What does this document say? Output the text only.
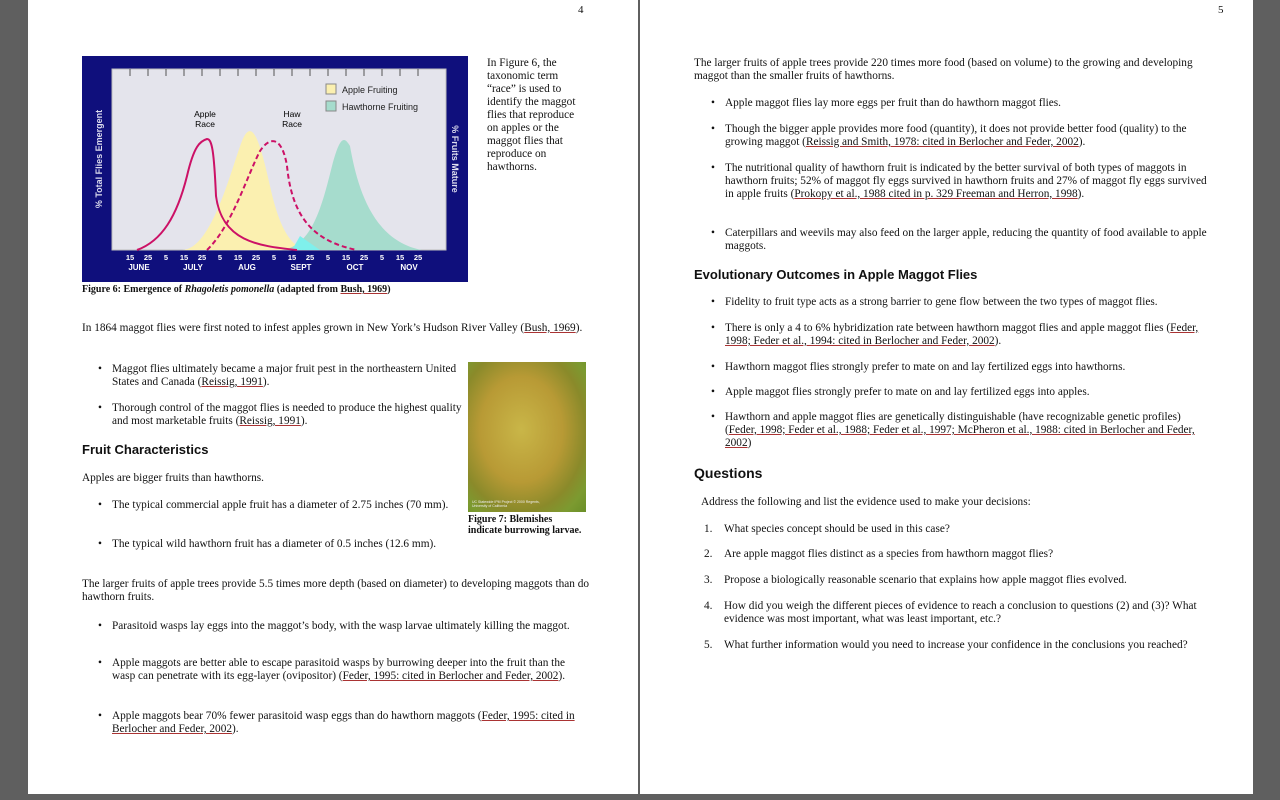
4	5
Apple Fruiting
Hawthorne Fruiting
Apple
Race
Haw
Race
% Total Flies Emergent	% Fruits Mature
15 25 5 15 25 5 15 25 5 15 25 5 15 25 5 15 25
JUNE	JULY	AUG	SEPT	OCT	NOV
Figure 6: Emergence of Rhagoletis pomonella (adapted from Bush, 1969)
In Figure 6, the taxonomic term “race” is used to identify the maggot flies that reproduce on apples or the maggot flies that reproduce on hawthorns.
In 1864 maggot flies were first noted to infest apples grown in New York’s Hudson River Valley (Bush, 1969).
• Maggot flies ultimately became a major fruit pest in the northeastern United States and Canada (Reissig, 1991).
• Thorough control of the maggot flies is needed to produce the highest quality and most marketable fruits (Reissig, 1991).
Fruit Characteristics
Apples are bigger fruits than hawthorns.
• The typical commercial apple fruit has a diameter of 2.75 inches (70 mm).
• The typical wild hawthorn fruit has a diameter of 0.5 inches (12.6 mm).
UC Statewide IPM Project © 2000 Regents, University of California
Figure 7: Blemishes indicate burrowing larvae.
The larger fruits of apple trees provide 5.5 times more depth (based on diameter) to developing maggots than do hawthorn fruits.
• Parasitoid wasps lay eggs into the maggot’s body, with the wasp larvae ultimately killing the maggot.
• Apple maggots are better able to escape parasitoid wasps by burrowing deeper into the fruit than the wasp can penetrate with its egg-layer (ovipositor) (Feder, 1995: cited in Berlocher and Feder, 2002).
• Apple maggots bear 70% fewer parasitoid wasp eggs than do hawthorn maggots (Feder, 1995: cited in Berlocher and Feder, 2002).
The larger fruits of apple trees provide 220 times more food (based on volume) to the growing and developing maggot than the smaller fruits of hawthorns.
• Apple maggot flies lay more eggs per fruit than do hawthorn maggot flies.
• Though the bigger apple provides more food (quantity), it does not provide better food (quality) to the growing maggot (Reissig and Smith, 1978: cited in Berlocher and Feder, 2002).
• The nutritional quality of hawthorn fruit is indicated by the better survival of both types of maggots in hawthorn fruits; 52% of maggot fly eggs survived in hawthorn fruits and 27% of maggot fly eggs survived in apple fruits (Prokopy et al., 1988 cited in p. 329 Freeman and Herron, 1998).
• Caterpillars and weevils may also feed on the larger apple, reducing the quantity of food available to apple maggots.
Evolutionary Outcomes in Apple Maggot Flies
• Fidelity to fruit type acts as a strong barrier to gene flow between the two types of maggot flies.
• There is only a 4 to 6% hybridization rate between hawthorn maggot flies and apple maggot flies (Feder, 1998; Feder et al., 1994: cited in Berlocher and Feder, 2002).
• Hawthorn maggot flies strongly prefer to mate on and lay fertilized eggs into hawthorns.
• Apple maggot flies strongly prefer to mate on and lay fertilized eggs into apples.
• Hawthorn and apple maggot flies are genetically distinguishable (have recognizable genetic profiles) (Feder, 1998; Feder et al., 1988; Feder et al., 1997; McPheron et al., 1988: cited in Berlocher and Feder, 2002)
Questions
Address the following and list the evidence used to make your decisions:
1. What species concept should be used in this case?
2. Are apple maggot flies distinct as a species from hawthorn maggot flies?
3. Propose a biologically reasonable scenario that explains how apple maggot flies evolved.
4. How did you weigh the different pieces of evidence to reach a conclusion to questions (2) and (3)? What evidence was most important, what was least important, etc.?
5. What further information would you need to increase your confidence in the conclusions you reached?
